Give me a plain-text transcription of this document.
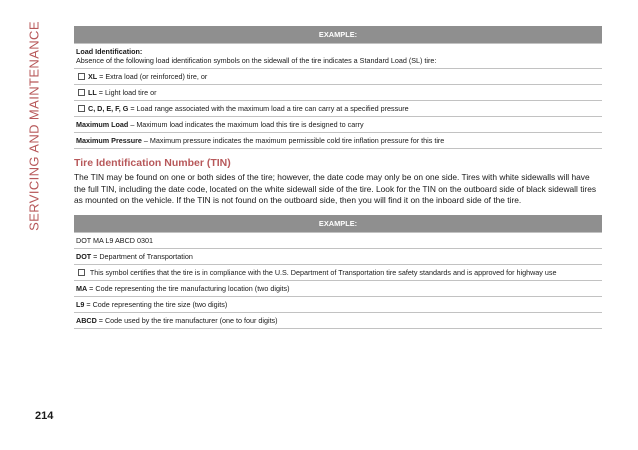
SERVICING AND MAINTENANCE
214
EXAMPLE:

Load Identification:
Absence of the following load identification symbols on the sidewall of the tire indicates a Standard Load (SL) tire:

XL = Extra load (or reinforced) tire, or
LL = Light load tire or
C, D, E, F, G = Load range associated with the maximum load a tire can carry at a specified pressure
Maximum Load – Maximum load indicates the maximum load this tire is designed to carry
Maximum Pressure – Maximum pressure indicates the maximum permissible cold tire inflation pressure for this tire
Tire Identification Number (TIN)

The TIN may be found on one or both sides of the tire; however, the date code may only be on one side. Tires with white sidewalls will have the full TIN, including the date code, located on the white sidewall side of the tire. Look for the TIN on the outboard side of black sidewall tires as mounted on the vehicle. If the TIN is not found on the outboard side, then you will find it on the inboard side of the tire.

EXAMPLE:
DOT MA L9 ABCD 0301
DOT = Department of Transportation
This symbol certifies that the tire is in compliance with the U.S. Department of Transportation tire safety standards and is approved for highway use
MA = Code representing the tire manufacturing location (two digits)
L9 = Code representing the tire size (two digits)
ABCD = Code used by the tire manufacturer (one to four digits)
